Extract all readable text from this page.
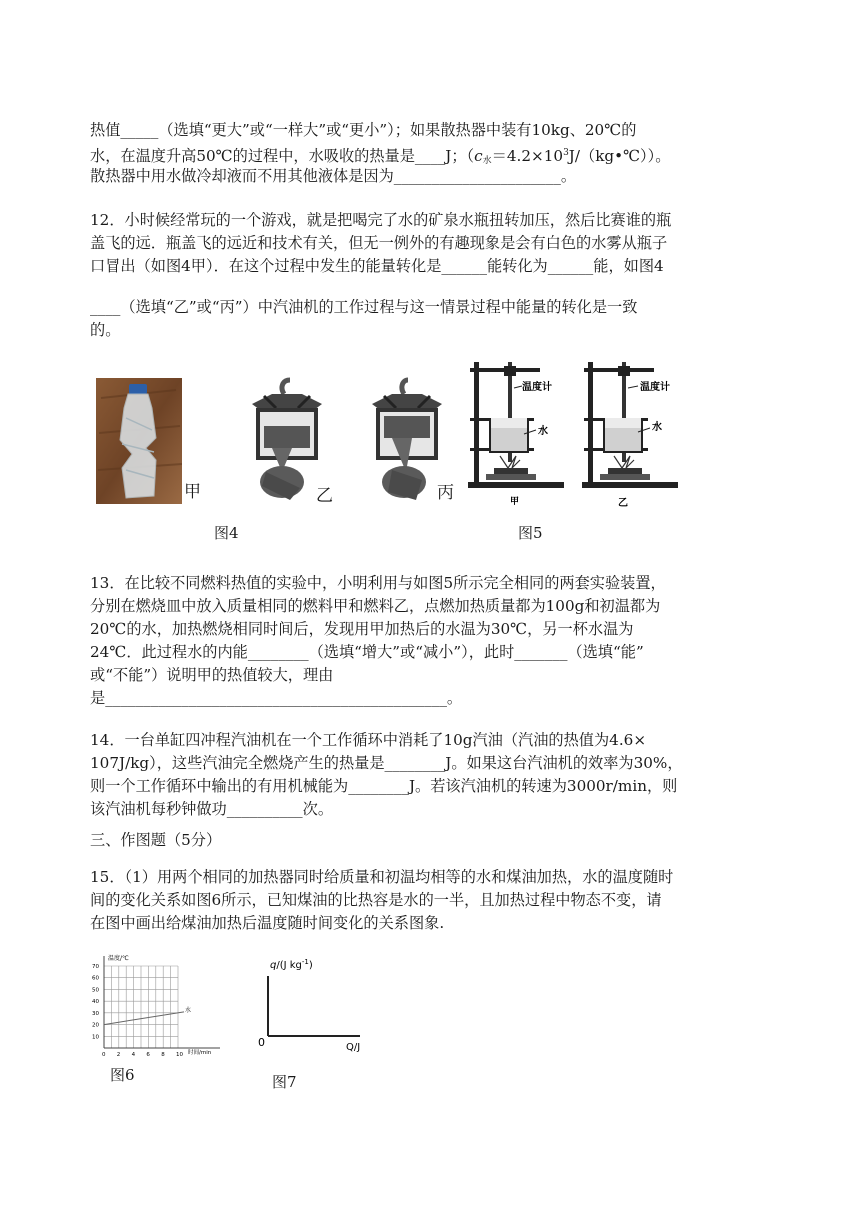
热值_____（选填“更大”或“一样大”或“更小”）；如果散热器中装有10kg、20℃的
水，在温度升高50℃的过程中，水吸收的热量是____J；$(c_水=4.2\times 10^3J/(kg•℃))$。
散热器中用水做冷却液而不用其他液体是因为______________________。
12．小时候经常玩的一个游戏，就是把喝完了水的矿泉水瓶扭转加压，然后比赛谁的瓶
盖飞的远．瓶盖飞的远近和技术有关，但无一例外的有趣现象是会有白色的水雾从瓶子
口冒出（如图4甲）．在这个过程中发生的能量转化是______能转化为______能，如图4
____（选填“乙”或“丙”）中汽油机的工作过程与这一情景过程中能量的转化是一致
的。
甲	乙	丙
温度计
水
甲
温度计
水
乙
图4	图5
13．在比较不同燃料热值的实验中，小明利用与如图5所示完全相同的两套实验装置，
分别在燃烧皿中放入质量相同的燃料甲和燃料乙，点燃加热质量都为100g和初温都为
20℃的水，加热燃烧相同时间后，发现用甲加热后的水温为30℃，另一杯水温为
24℃．此过程水的内能________（选填“增大”或“减小”），此时_______（选填“能”
或“不能”）说明甲的热值较大，理由
是_____________________________________________。
14．一台单缸四冲程汽油机在一个工作循环中消耗了10g汽油（汽油的热值为4.6×
107J/kg），这些汽油完全燃烧产生的热量是________J。如果这台汽油机的效率为30%，
则一个工作循环中输出的有用机械能为________J。若该汽油机的转速为3000r/min，则
该汽油机每秒钟做功__________次。
三、作图题（5分）
15．（1）用两个相同的加热器同时给质量和初温均相等的水和煤油加热，水的温度随时
间的变化关系如图6所示，已知煤油的比热容是水的一半，且加热过程中物态不变，请
在图中画出给煤油加热后温度随时间变化的关系图象.
70
60
50
40
30
20
10
0 2 4 6 8 10
温度/℃
时间/min
水
图6
q/(J $kg^{-1}$)
0	Q/J
图7
